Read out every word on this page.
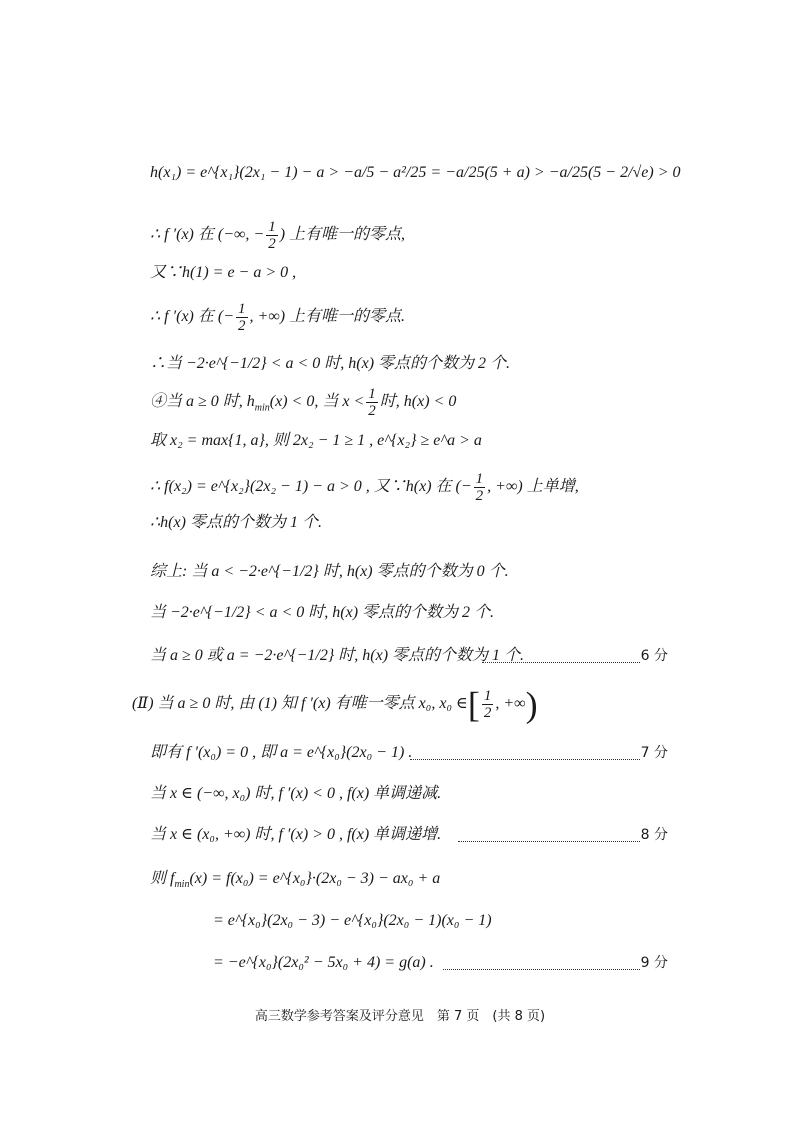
h(x₁) = e^{x₁}(2x₁ − 1) − a > −a/5 − a²/25 = −a/25(5 + a) > −a/25(5 − 2/√e) > 0
∴ f ′(x) 在 (−∞, − $\frac{1}{2}$ ) 上有唯一的零点,
又∵h(1) = e − a > 0 ,
∴ f ′(x) 在 (− $\frac{1}{2}$ , +∞) 上有唯一的零点.
∴当 −2·e^{−1/2} < a < 0 时, h(x) 零点的个数为 2 个.
④当 a ≥ 0 时, $h_{min}(x) < 0$, 当 $x < \frac{1}{2}$ 时, h(x) < 0
取 x₂ = max{1, a}, 则 2x₂ − 1 ≥ 1 , e^{x₂} ≥ e^a > a
∴ f(x₂) = e^{x₂}(2x₂ − 1) − a > 0 , 又∵h(x) 在 (− $\frac{1}{2}$ , +∞) 上单增,
∴h(x) 零点的个数为 1 个.
综上: 当 a < −2·e^{−1/2} 时, h(x) 零点的个数为 0 个.
当 −2·e^{−1/2} < a < 0 时, h(x) 零点的个数为 2 个.
当 a ≥ 0 或 a = −2·e^{−1/2} 时, h(x) 零点的个数为 1 个.	6 分
(Ⅱ) 当 a ≥ 0 时, 由 (1) 知 f ′(x) 有唯一零点 x₀, x₀ ∈[ $\frac{1}{2}$ , +∞)
即有 f ′(x₀) = 0 , 即 a = e^{x₀}(2x₀ − 1) .	7 分
当 x ∈ (−∞, x₀) 时, f ′(x) < 0 , f(x) 单调递减.
当 x ∈ (x₀, +∞) 时, f ′(x) > 0 , f(x) 单调递增.	8 分
则 $f_{min}(x) = f(x_0)$ = e^{x₀}·(2x₀ − 3) − ax₀ + a
= e^{x₀}(2x₀ − 3) − e^{x₀}(2x₀ − 1)(x₀ − 1)
= −e^{x₀}(2x₀² − 5x₀ + 4) = g(a) .	9 分
高三数学参考答案及评分意见　第 7 页　(共 8 页)
